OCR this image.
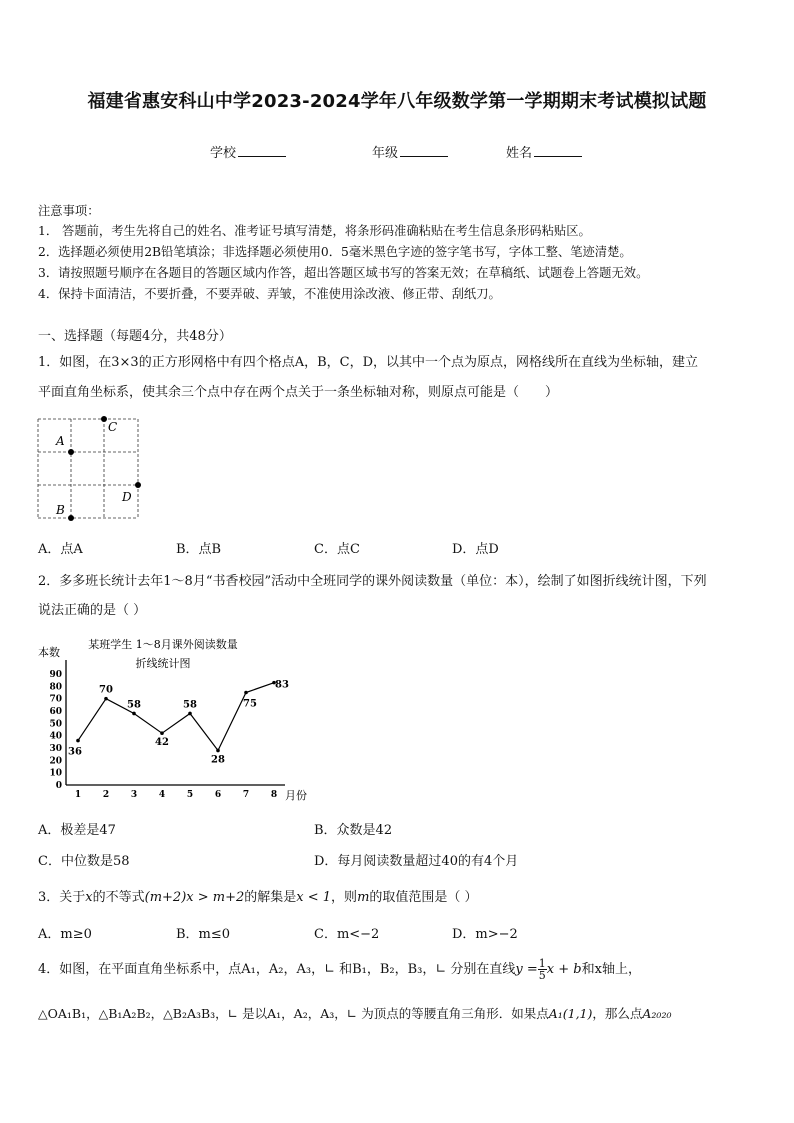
福建省惠安科山中学2023-2024学年八年级数学第一学期期末考试模拟试题
学校	年级	姓名
注意事项：
1． 答题前，考生先将自己的姓名、准考证号填写清楚，将条形码准确粘贴在考生信息条形码粘贴区。
2．选择题必须使用2B铅笔填涂；非选择题必须使用0．5毫米黑色字迹的签字笔书写，字体工整、笔迹清楚。
3．请按照题号顺序在各题目的答题区域内作答，超出答题区域书写的答案无效；在草稿纸、试题卷上答题无效。
4．保持卡面清洁，不要折叠，不要弄破、弄皱，不准使用涂改液、修正带、刮纸刀。
一、选择题（每题4分，共48分）
1．如图，在3×3的正方形网格中有四个格点A，B，C，D，以其中一个点为原点，网格线所在直线为坐标轴，建立
平面直角坐标系，使其余三个点中存在两个点关于一条坐标轴对称，则原点可能是（　　）
A
C
D
B
A．点A	B．点B	C．点C	D．点D
2．多多班长统计去年1～8月“书香校园”活动中全班同学的课外阅读数量（单位：本），绘制了如图折线统计图，下列
说法正确的是（ ）
某班学生 1～8月课外阅读数量
折线统计图
本数
月份
0
10
20
30
40
50
60
70
80
90
1 2 3 4 5 6 7 8
36
70
58
42
58
28
75
83
A．极差是47	B．众数是42
C．中位数是58	D．每月阅读数量超过40的有4个月
3．关于x的不等式(m+2)x > m+2的解集是x < 1，则m的取值范围是（ ）
A．m≥0	B．m≤0	C．m<−2	D．m>−2
4．如图，在平面直角坐标系中，点A₁，A₂，A₃，∟ 和B₁，B₂，B₃，∟ 分别在直线$y = \frac{1}{5}$ x + b和x轴上，
△OA₁B₁，△B₁A₂B₂，△B₂A₃B₃，∟ 是以A₁，A₂，A₃，∟ 为顶点的等腰直角三角形．如果点A₁(1,1)，那么点A₂₀₂₀
